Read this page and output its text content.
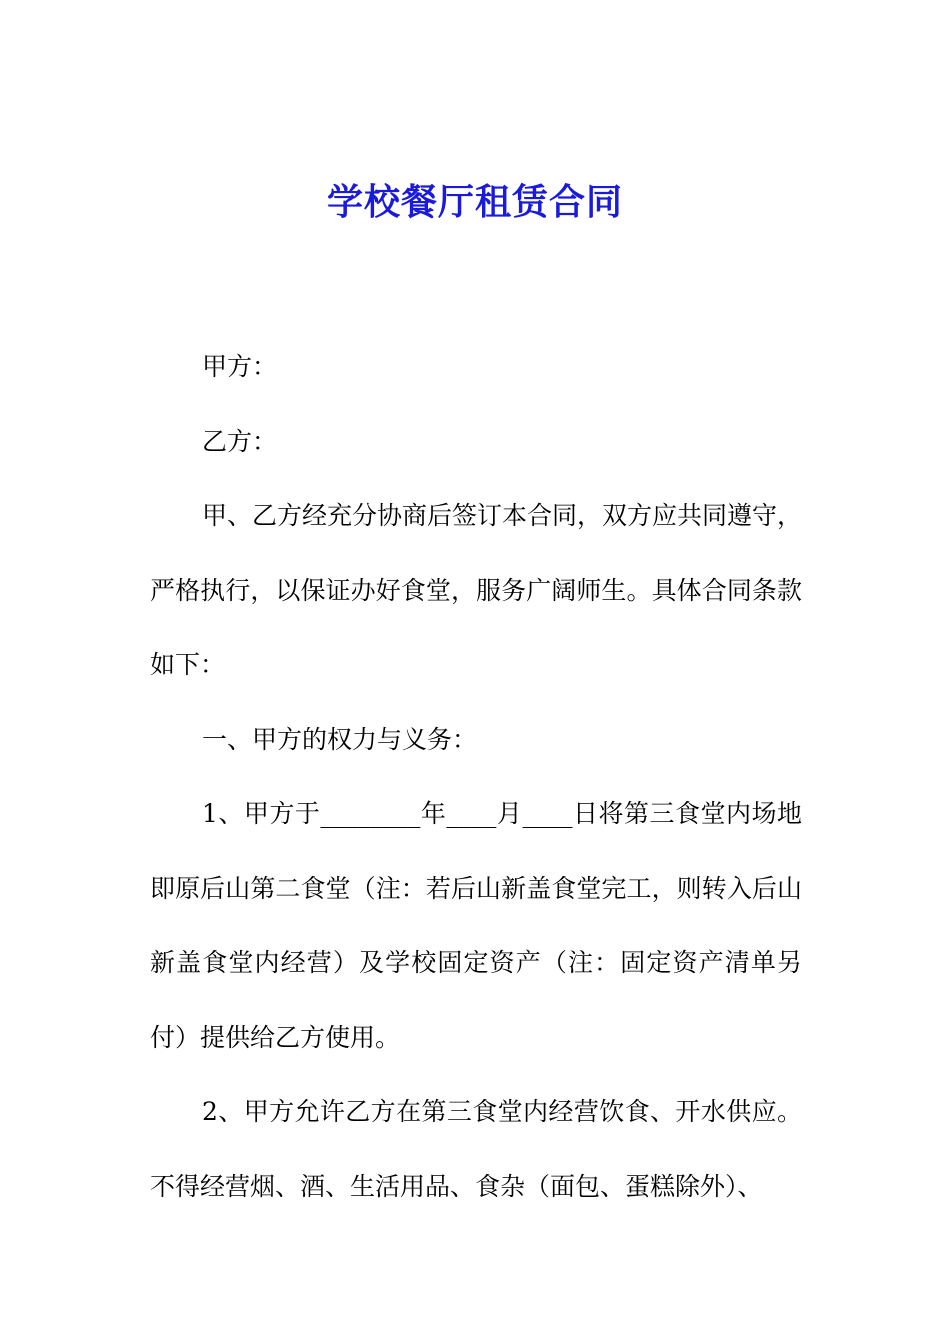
学校餐厅租赁合同

甲方：

乙方：

甲、乙方经充分协商后签订本合同，双方应共同遵守，严格执行，以保证办好食堂，服务广阔师生。具体合同条款如下：

一、甲方的权力与义务：

1、甲方于________年____月____日将第三食堂内场地即原后山第二食堂（注：若后山新盖食堂完工，则转入后山新盖食堂内经营）及学校固定资产（注：固定资产清单另付）提供给乙方使用。

2、甲方允许乙方在第三食堂内经营饮食、开水供应。不得经营烟、酒、生活用品、食杂（面包、蛋糕除外）、
